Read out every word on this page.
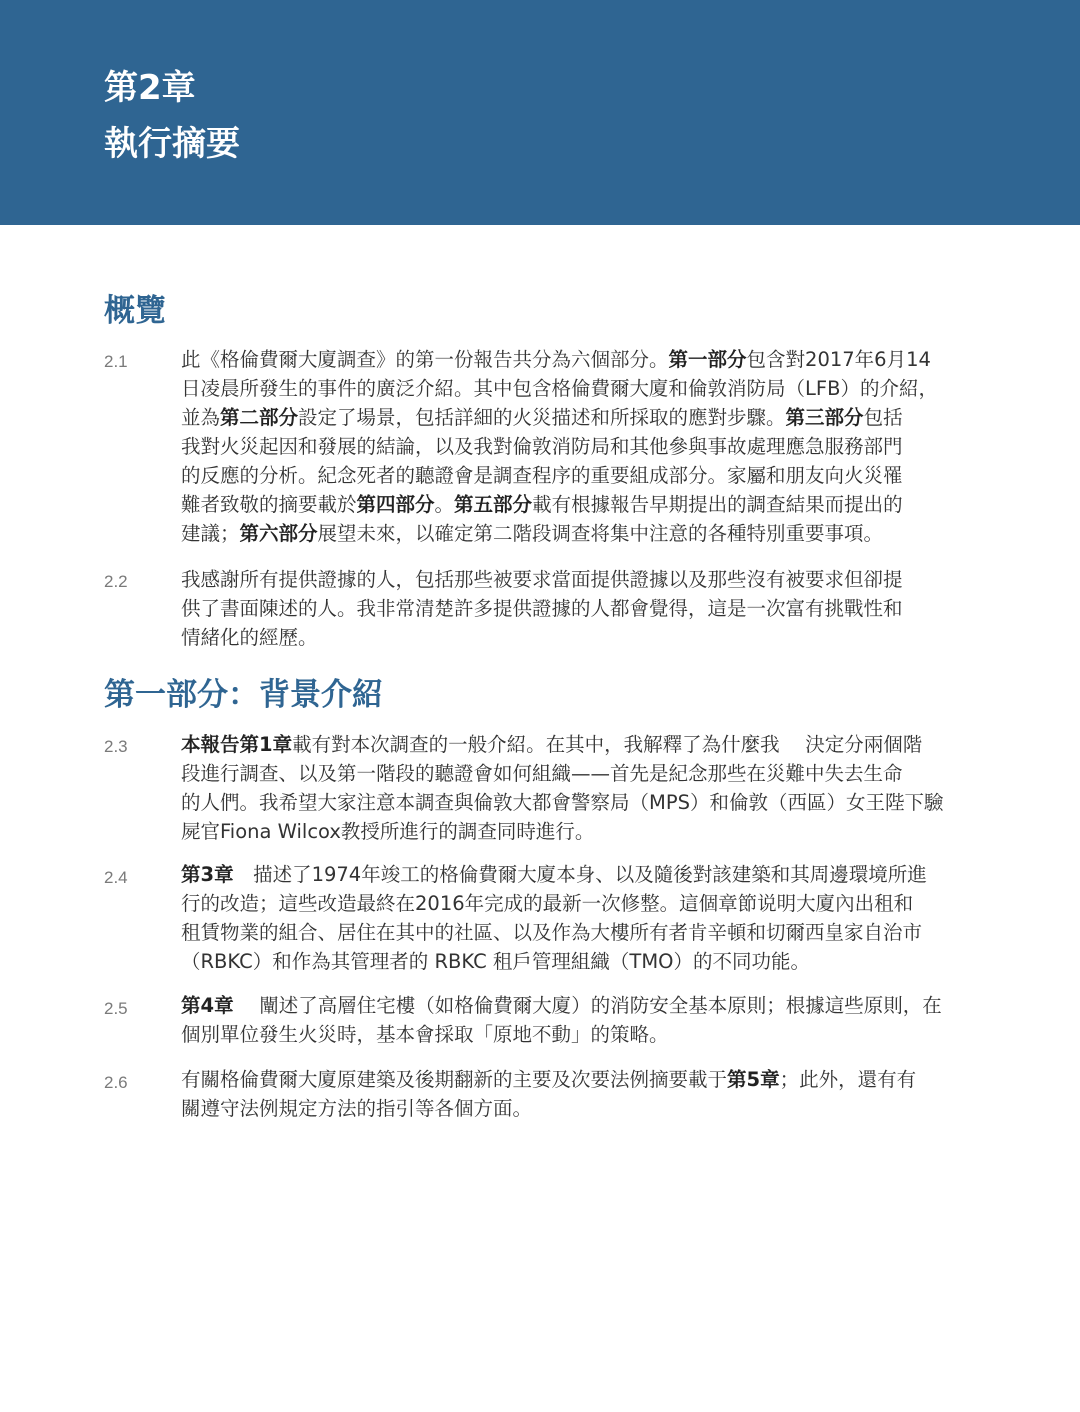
第2章
執行摘要
概覽
2.1	此《格倫費爾大廈調查》的第一份報告共分為六個部分。第一部分包含對2017年6月14
日凌晨所發生的事件的廣泛介紹。其中包含格倫費爾大廈和倫敦消防局（LFB）的介紹，
並為第二部分設定了場景，包括詳細的火災描述和所採取的應對步驟。第三部分包括
我對火災起因和發展的結論，以及我對倫敦消防局和其他參與事故處理應急服務部門
的反應的分析。紀念死者的聽證會是調查程序的重要組成部分。家屬和朋友向火災罹
難者致敬的摘要載於第四部分。第五部分載有根據報告早期提出的調查結果而提出的
建議；第六部分展望未來，以確定第二階段调查将集中注意的各種特別重要事項。
2.2	我感謝所有提供證據的人，包括那些被要求當面提供證據以及那些沒有被要求但卻提
供了書面陳述的人。我非常清楚許多提供證據的人都會覺得，這是一次富有挑戰性和
情緒化的經歷。
第一部分：背景介紹
2.3	本報告第1章載有對本次調查的一般介紹。在其中，我解釋了為什麼我　 決定分兩個階
段進行調查、以及第一階段的聽證會如何組織——首先是紀念那些在災難中失去生命
的人們。我希望大家注意本調查與倫敦大都會警察局（MPS）和倫敦（西區）女王陛下驗
屍官Fiona Wilcox教授所進行的調查同時進行。
2.4	第3章　描述了1974年竣工的格倫費爾大廈本身、以及隨後對該建築和其周邊環境所進
行的改造；這些改造最終在2016年完成的最新一次修整。這個章節说明大廈內出租和
租賃物業的組合、居住在其中的社區、以及作為大樓所有者肯辛頓和切爾西皇家自治市
（RBKC）和作為其管理者的 RBKC 租戶管理組織（TMO）的不同功能。
2.5	第4章　 闡述了高層住宅樓（如格倫費爾大廈）的消防安全基本原則；根據這些原則，在
個別單位發生火災時，基本會採取「原地不動」的策略。
2.6	有關格倫費爾大廈原建築及後期翻新的主要及次要法例摘要載于第5章；此外，還有有
關遵守法例規定方法的指引等各個方面。
